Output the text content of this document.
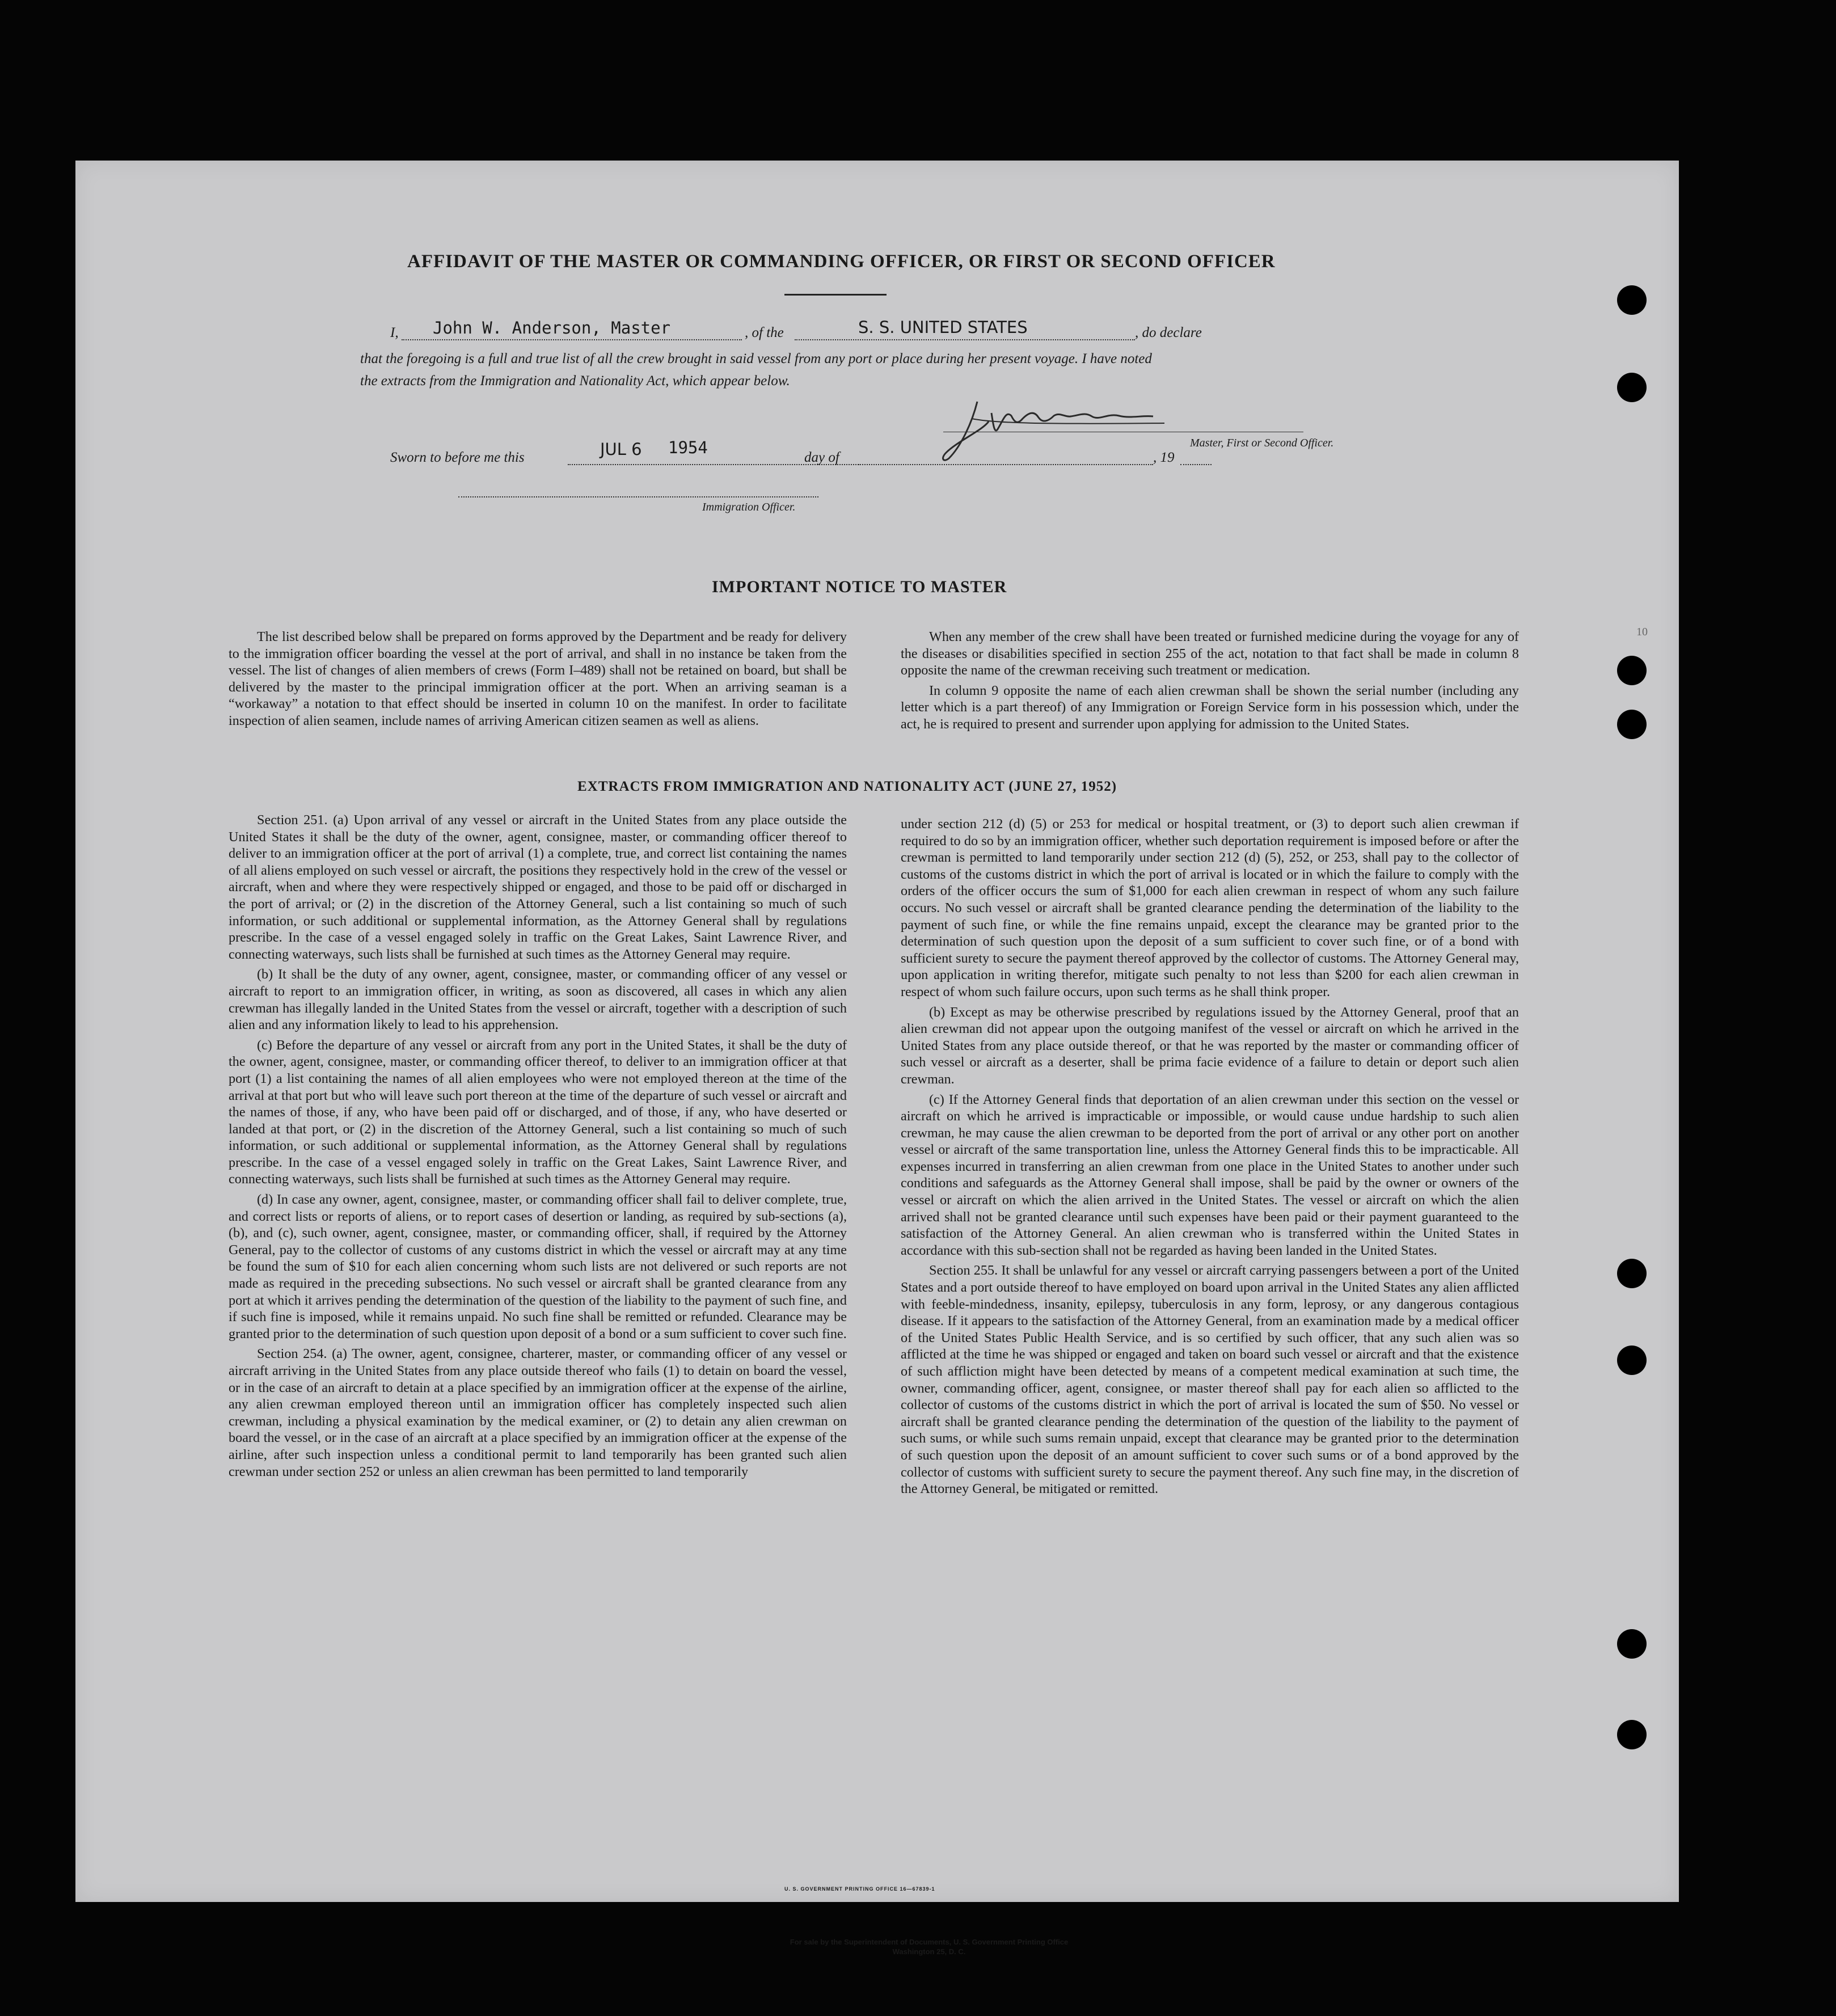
AFFIDAVIT OF THE MASTER OR COMMANDING OFFICER, OR FIRST OR SECOND OFFICER
I, John W. Anderson, Master	, of the	S. S. UNITED STATES	, do declare
that the foregoing is a full and true list of all the crew brought in said vessel from any port or place during her present voyage. I have noted
the extracts from the Immigration and Nationality Act, which appear below.
Master, First or Second Officer.
Sworn to before me this	JUL 6 1954
day of	, 19
Immigration Officer.
IMPORTANT NOTICE TO MASTER

The list described below shall be prepared on forms approved by the Department and be ready for delivery to the immigration officer boarding the vessel at the port of arrival, and shall in no instance be taken from the vessel. The list of changes of alien members of crews (Form I–489) shall not be retained on board, but shall be delivered by the master to the principal immigration officer at the port. When an arriving seaman is a “workaway” a notation to that effect should be inserted in column 10 on the manifest. In order to facilitate inspection of alien seamen, include names of arriving American citizen seamen as well as aliens.

When any member of the crew shall have been treated or furnished medicine during the voyage for any of the diseases or disabilities specified in section 255 of the act, notation to that fact shall be made in column 8 opposite the name of the crewman receiving such treatment or medication.

In column 9 opposite the name of each alien crewman shall be shown the serial number (including any letter which is a part thereof) of any Immigration or Foreign Service form in his possession which, under the act, he is required to present and surrender upon applying for admission to the United States.

EXTRACTS FROM IMMIGRATION AND NATIONALITY ACT (JUNE 27, 1952)

Section 251. (a) Upon arrival of any vessel or aircraft in the United States from any place outside the United States it shall be the duty of the owner, agent, consignee, master, or commanding officer thereof to deliver to an immigration officer at the port of arrival (1) a complete, true, and correct list containing the names of all aliens employed on such vessel or aircraft, the positions they respectively hold in the crew of the vessel or aircraft, when and where they were respectively shipped or engaged, and those to be paid off or discharged in the port of arrival; or (2) in the discretion of the Attorney General, such a list containing so much of such information, or such additional or supplemental information, as the Attorney General shall by regulations prescribe. In the case of a vessel engaged solely in traffic on the Great Lakes, Saint Lawrence River, and connecting waterways, such lists shall be furnished at such times as the Attorney General may require.

(b) It shall be the duty of any owner, agent, consignee, master, or commanding officer of any vessel or aircraft to report to an immigration officer, in writing, as soon as discovered, all cases in which any alien crewman has illegally landed in the United States from the vessel or aircraft, together with a description of such alien and any information likely to lead to his apprehension.

(c) Before the departure of any vessel or aircraft from any port in the United States, it shall be the duty of the owner, agent, consignee, master, or commanding officer thereof, to deliver to an immigration officer at that port (1) a list containing the names of all alien employees who were not employed thereon at the time of the arrival at that port but who will leave such port thereon at the time of the departure of such vessel or aircraft and the names of those, if any, who have been paid off or discharged, and of those, if any, who have deserted or landed at that port, or (2) in the discretion of the Attorney General, such a list containing so much of such information, or such additional or supplemental information, as the Attorney General shall by regulations prescribe. In the case of a vessel engaged solely in traffic on the Great Lakes, Saint Lawrence River, and connecting waterways, such lists shall be furnished at such times as the Attorney General may require.

(d) In case any owner, agent, consignee, master, or commanding officer shall fail to deliver complete, true, and correct lists or reports of aliens, or to report cases of desertion or landing, as required by sub-sections (a), (b), and (c), such owner, agent, consignee, master, or commanding officer, shall, if required by the Attorney General, pay to the collector of customs of any customs district in which the vessel or aircraft may at any time be found the sum of $10 for each alien concerning whom such lists are not delivered or such reports are not made as required in the preceding subsections. No such vessel or aircraft shall be granted clearance from any port at which it arrives pending the determination of the question of the liability to the payment of such fine, and if such fine is imposed, while it remains unpaid. No such fine shall be remitted or refunded. Clearance may be granted prior to the determination of such question upon deposit of a bond or a sum sufficient to cover such fine.

Section 254. (a) The owner, agent, consignee, charterer, master, or commanding officer of any vessel or aircraft arriving in the United States from any place outside thereof who fails (1) to detain on board the vessel, or in the case of an aircraft to detain at a place specified by an immigration officer at the expense of the airline, any alien crewman employed thereon until an immigration officer has completely inspected such alien crewman, including a physical examination by the medical examiner, or (2) to detain any alien crewman on board the vessel, or in the case of an aircraft at a place specified by an immigration officer at the expense of the airline, after such inspection unless a conditional permit to land temporarily has been granted such alien crewman under section 252 or unless an alien crewman has been permitted to land temporarily

under section 212 (d) (5) or 253 for medical or hospital treatment, or (3) to deport such alien crewman if required to do so by an immigration officer, whether such deportation requirement is imposed before or after the crewman is permitted to land temporarily under section 212 (d) (5), 252, or 253, shall pay to the collector of customs of the customs district in which the port of arrival is located or in which the failure to comply with the orders of the officer occurs the sum of $1,000 for each alien crewman in respect of whom any such failure occurs. No such vessel or aircraft shall be granted clearance pending the determination of the liability to the payment of such fine, or while the fine remains unpaid, except the clearance may be granted prior to the determination of such question upon the deposit of a sum sufficient to cover such fine, or of a bond with sufficient surety to secure the payment thereof approved by the collector of customs. The Attorney General may, upon application in writing therefor, mitigate such penalty to not less than $200 for each alien crewman in respect of whom such failure occurs, upon such terms as he shall think proper.

(b) Except as may be otherwise prescribed by regulations issued by the Attorney General, proof that an alien crewman did not appear upon the outgoing manifest of the vessel or aircraft on which he arrived in the United States from any place outside thereof, or that he was reported by the master or commanding officer of such vessel or aircraft as a deserter, shall be prima facie evidence of a failure to detain or deport such alien crewman.

(c) If the Attorney General finds that deportation of an alien crewman under this section on the vessel or aircraft on which he arrived is impracticable or impossible, or would cause undue hardship to such alien crewman, he may cause the alien crewman to be deported from the port of arrival or any other port on another vessel or aircraft of the same transportation line, unless the Attorney General finds this to be impracticable. All expenses incurred in transferring an alien crewman from one place in the United States to another under such conditions and safeguards as the Attorney General shall impose, shall be paid by the owner or owners of the vessel or aircraft on which the alien arrived in the United States. The vessel or aircraft on which the alien arrived shall not be granted clearance until such expenses have been paid or their payment guaranteed to the satisfaction of the Attorney General. An alien crewman who is transferred within the United States in accordance with this sub-section shall not be regarded as having been landed in the United States.

Section 255. It shall be unlawful for any vessel or aircraft carrying passengers between a port of the United States and a port outside thereof to have employed on board upon arrival in the United States any alien afflicted with feeble-mindedness, insanity, epilepsy, tuberculosis in any form, leprosy, or any dangerous contagious disease. If it appears to the satisfaction of the Attorney General, from an examination made by a medical officer of the United States Public Health Service, and is so certified by such officer, that any such alien was so afflicted at the time he was shipped or engaged and taken on board such vessel or aircraft and that the existence of such affliction might have been detected by means of a competent medical examination at such time, the owner, commanding officer, agent, consignee, or master thereof shall pay for each alien so afflicted to the collector of customs of the customs district in which the port of arrival is located the sum of $50. No vessel or aircraft shall be granted clearance pending the determination of the question of the liability to the payment of such sums, or while such sums remain unpaid, except that clearance may be granted prior to the determination of such question upon the deposit of an amount sufficient to cover such sums or of a bond approved by the collector of customs with sufficient surety to secure the payment thereof. Any such fine may, in the discretion of the Attorney General, be mitigated or remitted.

U. S. GOVERNMENT PRINTING OFFICE 16—67839-1
For sale by the Superintendent of Documents, U. S. Government Printing Office
Washington 25, D. C.
10
